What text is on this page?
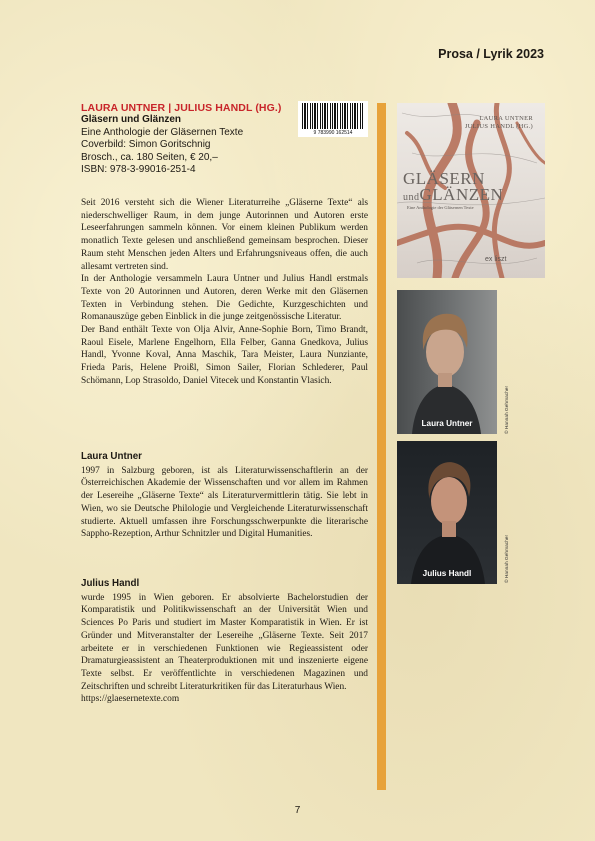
Prosa / Lyrik 2023
LAURA UNTNER | JULIUS HANDL (HG.)
Gläsern und Glänzen
Eine Anthologie der Gläsernen Texte
Coverbild: Simon Goritschnig
Brosch., ca. 180 Seiten, € 20,–
ISBN: 978-3-99016-251-4
9 783990 162514

Seit 2016 versteht sich die Wiener Literaturreihe „Gläserne Texte“ als niederschwelliger Raum, in dem junge Autorinnen und Autoren erste Leseerfahrungen sammeln können. Vor einem kleinen Publikum werden monatlich Texte gelesen und anschließend gemeinsam besprochen. Dieser Raum steht Menschen jeden Alters und Erfahrungsniveaus offen, die auch allesamt vertreten sind.

In der Anthologie versammeln Laura Untner und Julius Handl erstmals Texte von 20 Autorinnen und Autoren, deren Werke mit den Gläsernen Texten in Verbindung stehen. Die Gedichte, Kurzgeschichten und Romanauszüge geben Einblick in die junge zeitgenössische Literatur.

Der Band enthält Texte von Olja Alvir, Anne-Sophie Born, Timo Brandt, Raoul Eisele, Marlene Engelhorn, Ella Felber, Ganna Gnedkova, Julius Handl, Yvonne Koval, Anna Maschik, Tara Meister, Laura Nunziante, Frieda Paris, Helene Proißl, Simon Sailer, Florian Schlederer, Paul Schömann, Lop Strasoldo, Daniel Vitecek und Konstantin Vlasich.

Laura Untner

1997 in Salzburg geboren, ist als Literaturwissenschaftlerin an der Österreichischen Akademie der Wissenschaften und vor allem im Rahmen der Lesereihe „Gläserne Texte“ als Literaturvermittlerin tätig. Sie lebt in Wien, wo sie Deutsche Philologie und Vergleichende Literaturwissenschaft studierte. Aktuell umfassen ihre Forschungsschwerpunkte die literarische Sappho-Rezeption, Arthur Schnitzler und Digital Humanities.

Julius Handl

wurde 1995 in Wien geboren. Er absolvierte Bachelorstudien der Komparatistik und Politikwissenschaft an der Universität Wien und Sciences Po Paris und studiert im Master Komparatistik in Wien. Er ist Gründer und Mitveranstalter der Lesereihe „Gläserne Texte. Seit 2017 arbeitete er in verschiedenen Funktionen wie Regieassistent oder Dramaturgieassistent an Theaterproduktionen mit und inszenierte eigene Texte selbst. Er veröffentlichte in verschiedenen Magazinen und Zeitschriften und schreibt Literaturkritiken für das Literaturhaus Wien.

https://glaesernetexte.com

LAURA UNTNER
JULIUS HANDL (HG.)
GLÄSERN
undGLÄNZEN
Eine Anthologie der Gläsernen Texte
ex liszt
Laura Untner	© Hannah Gehmacher
Julius Handl	© Hannah Gehmacher
7
